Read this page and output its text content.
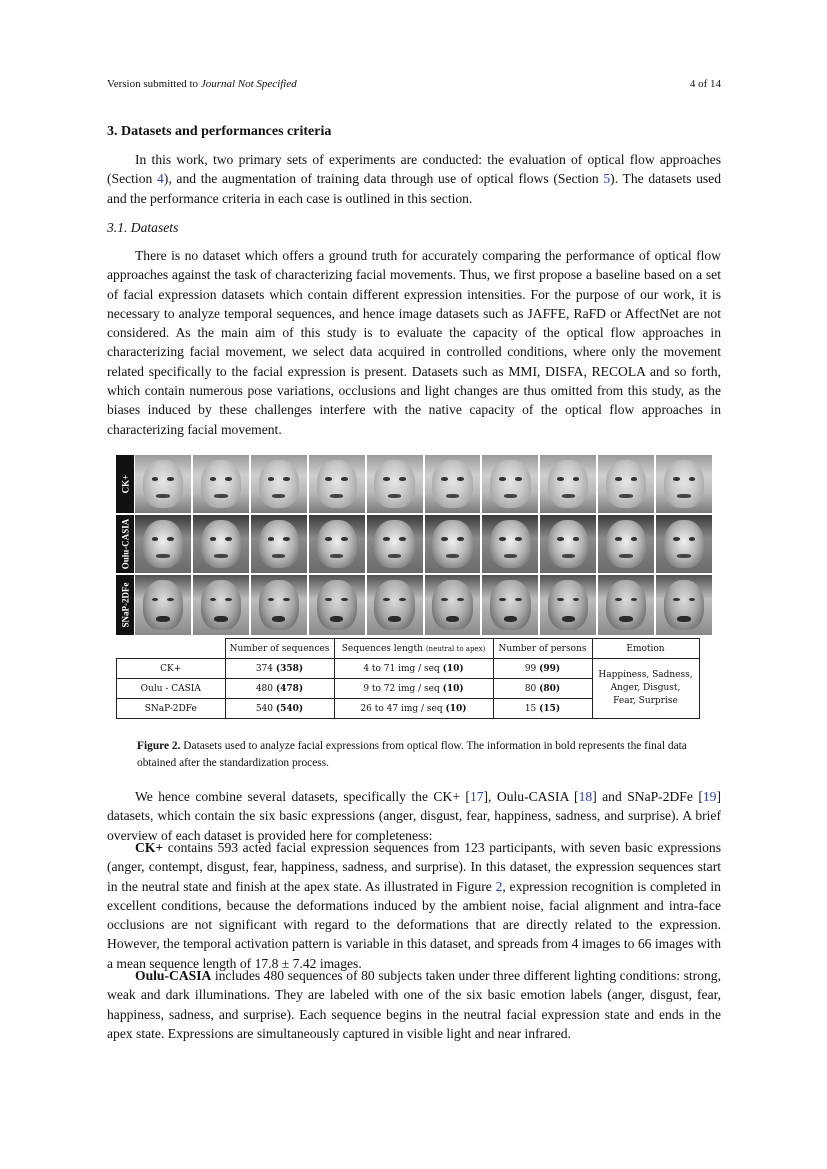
Version submitted to Journal Not Specified	4 of 14
3. Datasets and performances criteria

In this work, two primary sets of experiments are conducted: the evaluation of optical flow approaches (Section 4), and the augmentation of training data through use of optical flows (Section 5). The datasets used and the performance criteria in each case is outlined in this section.

3.1. Datasets

There is no dataset which offers a ground truth for accurately comparing the performance of optical flow approaches against the task of characterizing facial movements. Thus, we first propose a baseline based on a set of facial expression datasets which contain different expression intensities. For the purpose of our work, it is necessary to analyze temporal sequences, and hence image datasets such as JAFFE, RaFD or AffectNet are not considered. As the main aim of this study is to evaluate the capacity of the optical flow approaches in characterizing facial movement, we select data acquired in controlled conditions, where only the movement related specifically to the facial expression is present. Datasets such as MMI, DISFA, RECOLA and so forth, which contain numerous pose variations, occlusions and light changes are thus omitted from this study, as the biases induced by these challenges interfere with the native capacity of the optical flow approaches in characterizing facial movement.

CK+
Oulu-CASIA
SNaP-2DFe
	Number of sequences	Sequences length (neutral to apex)	Number of persons	Emotion
CK+	374 (358)	4 to 71 img / seq (10)	99 (99)	Happiness, Sadness,
Anger, Disgust,
Fear, Surprise
Oulu - CASIA	480 (478)	9 to 72 img / seq (10)	80 (80)	
SNaP-2DFe	540 (540)	26 to 47 img / seq (10)	15 (15)	
Figure 2. Datasets used to analyze facial expressions from optical flow. The information in bold represents the final data obtained after the standardization process.

We hence combine several datasets, specifically the CK+ [17], Oulu-CASIA [18] and SNaP-2DFe [19] datasets, which contain the six basic expressions (anger, disgust, fear, happiness, sadness, and surprise). A brief overview of each dataset is provided here for completeness:

CK+ contains 593 acted facial expression sequences from 123 participants, with seven basic expressions (anger, contempt, disgust, fear, happiness, sadness, and surprise). In this dataset, the expression sequences start in the neutral state and finish at the apex state. As illustrated in Figure 2, expression recognition is completed in excellent conditions, because the deformations induced by the ambient noise, facial alignment and intra-face occlusions are not significant with regard to the deformations that are directly related to the expression. However, the temporal activation pattern is variable in this dataset, and spreads from 4 images to 66 images with a mean sequence length of 17.8 ± 7.42 images.

Oulu-CASIA includes 480 sequences of 80 subjects taken under three different lighting conditions: strong, weak and dark illuminations. They are labeled with one of the six basic emotion labels (anger, disgust, fear, happiness, sadness, and surprise). Each sequence begins in the neutral facial expression state and ends in the apex state. Expressions are simultaneously captured in visible light and near infrared.
